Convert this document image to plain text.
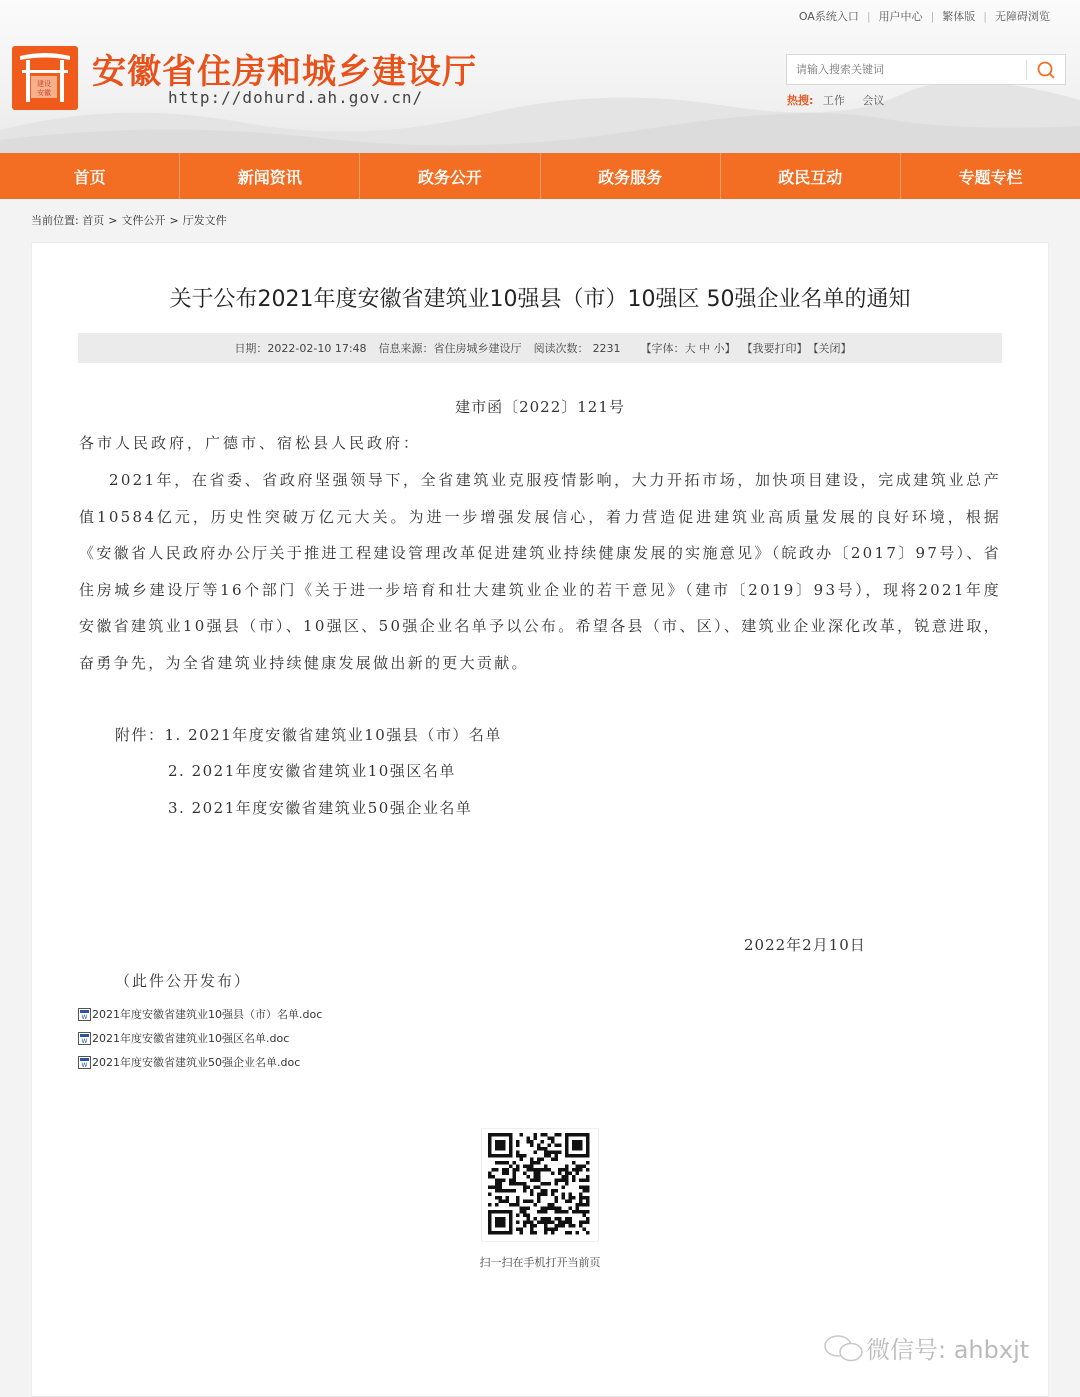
OA系统入口 | 用户中心 | 繁体版 | 无障碍浏览
建设
安徽
安徽省住房和城乡建设厅
http://dohurd.ah.gov.cn/
请输入搜索关键词	热搜: 工作 会议
首页	新闻资讯	政务公开	政务服务	政民互动	专题专栏
当前位置: 首页 > 文件公开 > 厅发文件
关于公布2021年度安徽省建筑业10强县（市）10强区 50强企业名单的通知
日期：2022-02-10 17:48 信息来源：省住房城乡建设厅 阅读次数： 2231 【字体：大 中 小】 【我要打印】 【关闭】
建市函〔2022〕121号
各市人民政府，广德市、宿松县人民政府：
2021年，在省委、省政府坚强领导下，全省建筑业克服疫情影响，大力开拓市场，加快项目建设，完成建筑业总产值10584亿元，历史性突破万亿元大关。为进一步增强发展信心，着力营造促进建筑业高质量发展的良好环境，根据《安徽省人民政府办公厅关于推进工程建设管理改革促进建筑业持续健康发展的实施意见》（皖政办〔2017〕97号）、省住房城乡建设厅等16个部门《关于进一步培育和壮大建筑业企业的若干意见》（建市〔2019〕93号），现将2021年度安徽省建筑业10强县（市）、10强区、50强企业名单予以公布。希望各县（市、区）、建筑业企业深化改革，锐意进取，奋勇争先，为全省建筑业持续健康发展做出新的更大贡献。
附件：1. 2021年度安徽省建筑业10强县（市）名单
2. 2021年度安徽省建筑业10强区名单
3. 2021年度安徽省建筑业50强企业名单
2022年2月10日
（此件公开发布）
W 2021年度安徽省建筑业10强县（市）名单.doc
W 2021年度安徽省建筑业10强区名单.doc
W 2021年度安徽省建筑业50强企业名单.doc
扫一扫在手机打开当前页
微信号: ahbxjt
